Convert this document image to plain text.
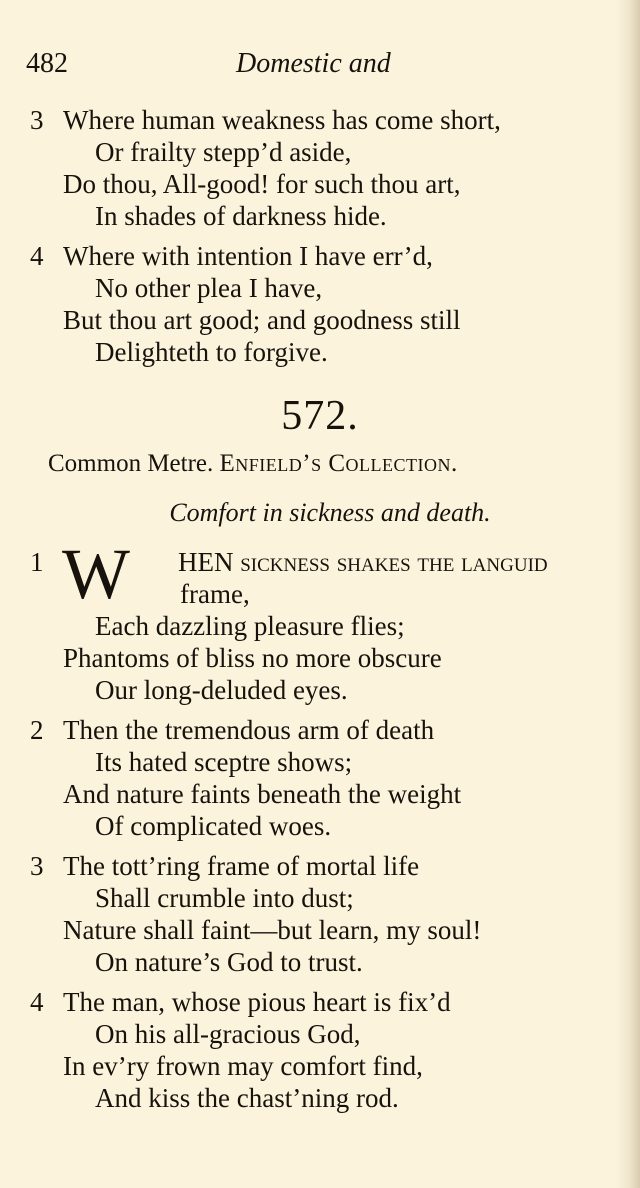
482	Domestic and
3 Where human weakness has come short,
Or frailty stepp’d aside,
Do thou, All-good! for such thou art,
In shades of darkness hide.
4 Where with intention I have err’d,
No other plea I have,
But thou art good; and goodness still
Delighteth to forgive.
572.
Common Metre. Enfield’s Collection.
Comfort in sickness and death.
1 W HEN sickness shakes the languid
frame,
Each dazzling pleasure flies;
Phantoms of bliss no more obscure
Our long-deluded eyes.
2 Then the tremendous arm of death
Its hated sceptre shows;
And nature faints beneath the weight
Of complicated woes.
3 The tott’ring frame of mortal life
Shall crumble into dust;
Nature shall faint—but learn, my soul!
On nature’s God to trust.
4 The man, whose pious heart is fix’d
On his all-gracious God,
In ev’ry frown may comfort find,
And kiss the chast’ning rod.
